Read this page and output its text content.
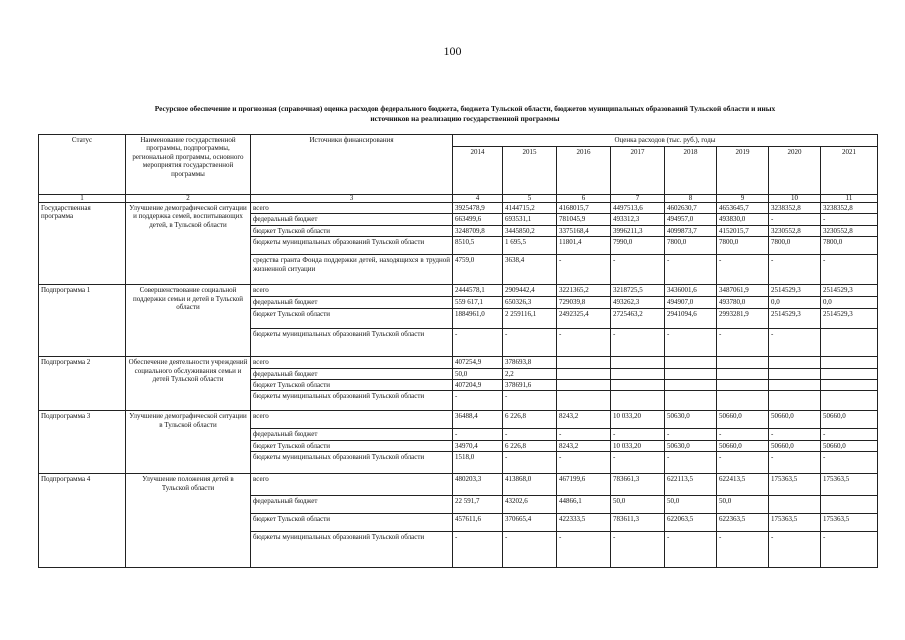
100
Ресурсное обеспечение и прогнозная (справочная) оценка расходов федерального бюджета, бюджета Тульской области, бюджетов муниципальных образований Тульской области и иных
источников на реализацию государственной программы
Статус	Наименование государственной программы, подпрограммы, региональной программы, основного мероприятия государственной программы	Источники финансирования	Оценка расходов (тыс. руб.), годы							
			2014	2015	2016	2017	2018	2019	2020	2021
1	2	3	4	5	6	7	8	9	10	11
Государственная программа	Улучшение демографической ситуации и поддержка семей, воспитывающих детей, в Тульской области	всего	3925478,9	4144715,2	4168015,7	4497513,6	4602630,7	4653645,7	3238352,8	3238352,8
		федеральный бюджет	663499,6	693531,1	781045,9	493312,3	494957,0	493830,0	-	-
		бюджет Тульской области	3248709,8	3445850,2	3375168,4	3996211,3	4099873,7	4152015,7	3230552,8	3230552,8
		бюджеты муниципальных образований Тульской области	8510,5	1 695,5	11801,4	7990,0	7800,0	7800,0	7800,0	7800,0
		средства гранта Фонда поддержки детей, находящихся в трудной жизненной ситуации	4759,0	3638,4	-	-	-	-	-	-
Подпрограмма 1	Совершенствование социальной поддержки семьи и детей в Тульской области	всего	2444578,1	2909442,4	3221365,2	3218725,5	3436001,6	3487061,9	2514529,3	2514529,3
		федеральный бюджет	559 617,1	650326,3	729039,8	493262,3	494907,0	493780,0	0,0	0,0
		бюджет Тульской области	1884961,0	2 259116,1	2492325,4	2725463,2	2941094,6	2993281,9	2514529,3	2514529,3
		бюджеты муниципальных образований Тульской области	-	-	-	-	-	-	-	
Подпрограмма 2	Обеспечение деятельности учреждений социального обслуживания семьи и детей Тульской области	всего	407254,9	378693,8						
		федеральный бюджет	50,0	2,2						
		бюджет Тульской области	407204,9	378691,6						
		бюджеты муниципальных образований Тульской области	-	-						
Подпрограмма 3	Улучшение демографической ситуации в Тульской области	всего	36488,4	6 226,8	8243,2	10 033,20	50630,0	50660,0	50660,0	50660,0
		федеральный бюджет	-	-	-	-	-	-	-	-
		бюджет Тульской области	34970,4	6 226,8	8243,2	10 033,20	50630,0	50660,0	50660,0	50660,0
		бюджеты муниципальных образований Тульской области	1518,0	-	-	-	-	-	-	-
Подпрограмма 4	Улучшение положения детей в Тульской области	всего	480203,3	413868,0	467199,6	783661,3	622113,5	622413,5	175363,5	175363,5
		федеральный бюджет	22 591,7	43202,6	44866,1	50,0	50,0	50,0		
		бюджет Тульской области	457611,6	370665,4	422333,5	783611,3	622063,5	622363,5	175363,5	175363,5
		бюджеты муниципальных образований Тульской области	-	-	-	-	-	-	-	-
